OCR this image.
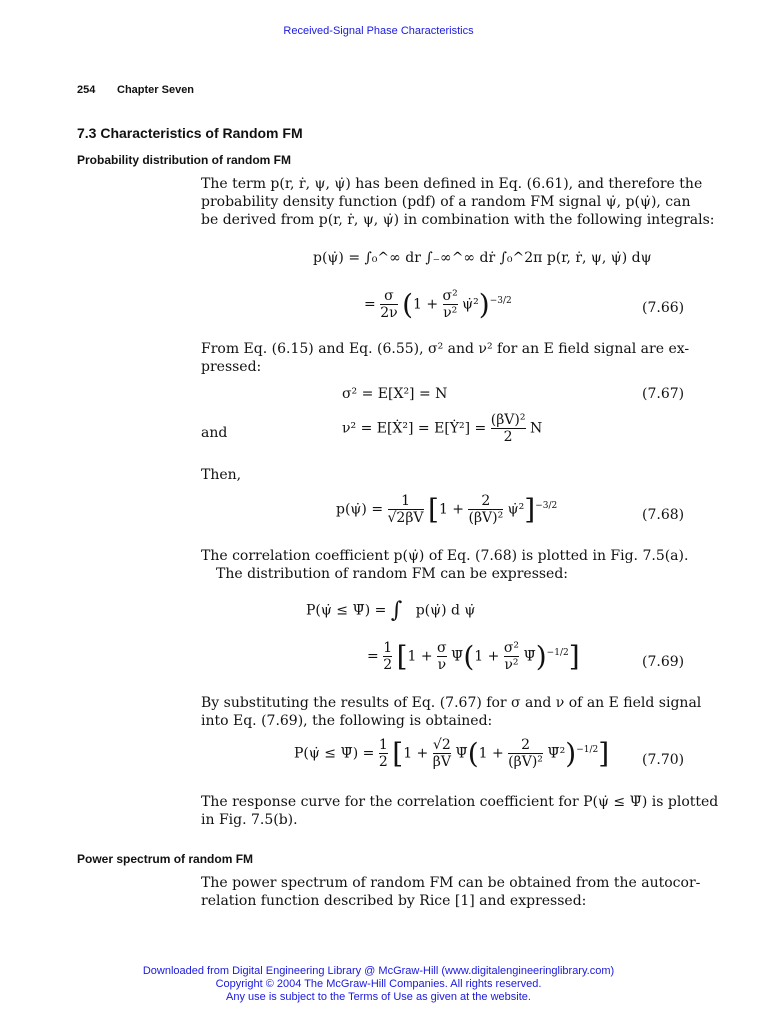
Received-Signal Phase Characteristics
254 Chapter Seven
7.3 Characteristics of Random FM
Probability distribution of random FM
The term p(r, ṙ, ψ, ψ̇) has been defined in Eq. (6.61), and therefore the
probability density function (pdf) of a random FM signal ψ̇, p(ψ̇), can
be derived from p(r, ṙ, ψ, ψ̇) in combination with the following integrals:
p(ψ̇) = ∫₀^∞ dr ∫₋∞^∞ dṙ ∫₀^2π p(r, ṙ, ψ, ψ̇) dψ
= $\frac{\sigma}{2\nu} (1 + \frac{\text{σ²}}{\text{ν²}}$ ψ̇²)$^{-3/2}$	(7.66)
From Eq. (6.15) and Eq. (6.55), σ² and ν² for an E field signal are ex-
pressed:
σ² = E[X²] = N	(7.67)
and	ν² = E[Ẋ²] = E[Ẏ²] = $\frac{\text{(βV)²}}{2}$ N
Then,
p(ψ̇) = $\frac{1}{√2\beta V} [1 + \frac{2}{\text{(βV)²}}$ ψ̇²]$^{-3/2}$
(7.68)
The correlation coefficient p(ψ̇) of Eq. (7.68) is plotted in Fig. 7.5(a).
The distribution of random FM can be expressed:
P(ψ̇ ≤ Ψ̇) = ∫ p(ψ̇) d ψ̇
= $\frac{1}{2} [1 + \frac{\sigma}{\nu}$ Ψ̇(1 + $\frac{\text{σ²}}{\text{ν²}}$ Ψ̇)$^{-1/2}$]	(7.69)
By substituting the results of Eq. (7.67) for σ and ν of an E field signal
into Eq. (7.69), the following is obtained:
P(ψ̇ ≤ Ψ̇) = $\frac{1}{2} [1 + \frac{√2}{\beta V}$ Ψ̇(1 + $\frac{2}{\text{(βV)²}}$ Ψ̇²)$^{-1/2}$] (7.70)
The response curve for the correlation coefficient for P(ψ̇ ≤ Ψ̇) is plotted
in Fig. 7.5(b).
Power spectrum of random FM
The power spectrum of random FM can be obtained from the autocor-
relation function described by Rice [1] and expressed:
Downloaded from Digital Engineering Library @ McGraw-Hill (www.digitalengineeringlibrary.com)
Copyright © 2004 The McGraw-Hill Companies. All rights reserved.
Any use is subject to the Terms of Use as given at the website.
